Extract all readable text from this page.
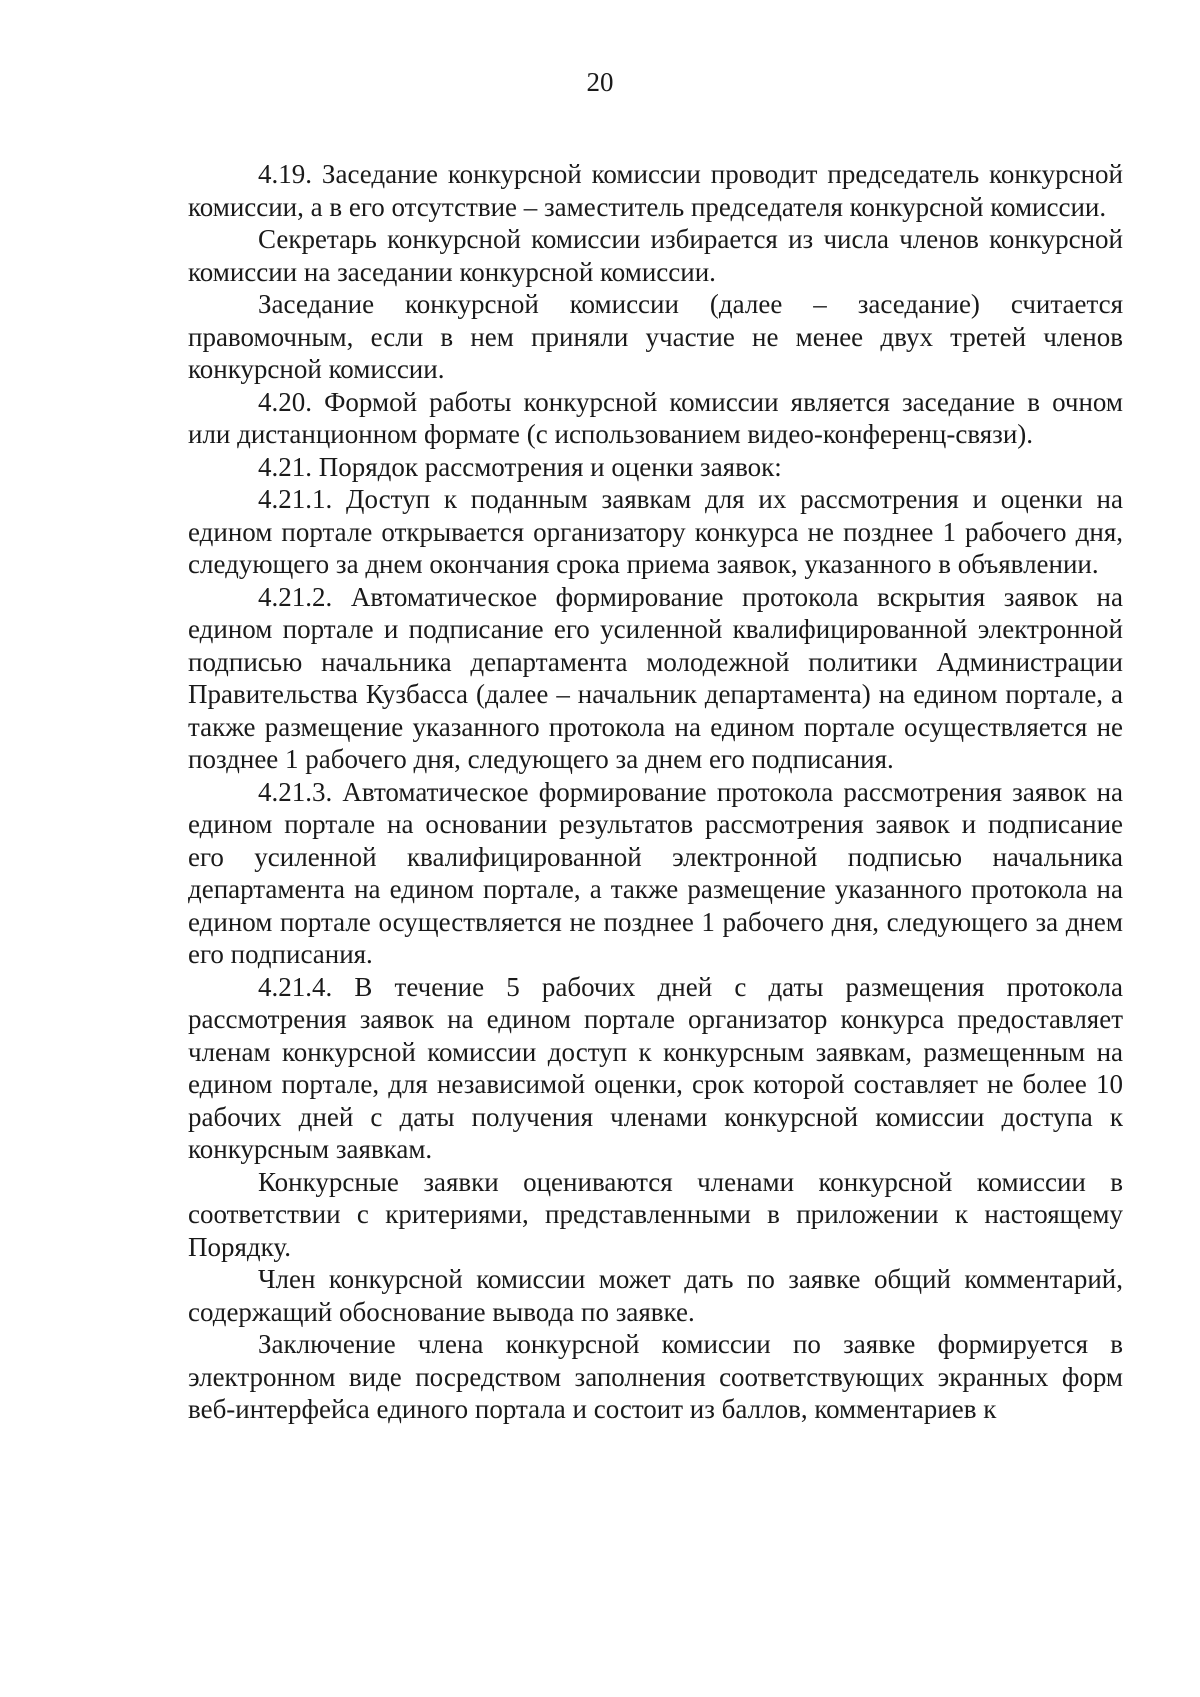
20

4.19. Заседание конкурсной комиссии проводит председатель конкурсной комиссии, а в его отсутствие – заместитель председателя конкурсной комиссии.

Секретарь конкурсной комиссии избирается из числа членов конкурсной комиссии на заседании конкурсной комиссии.

Заседание конкурсной комиссии (далее – заседание) считается правомочным, если в нем приняли участие не менее двух третей членов конкурсной комиссии.

4.20. Формой работы конкурсной комиссии является заседание в очном или дистанционном формате (с использованием видео-конференц-связи).

4.21. Порядок рассмотрения и оценки заявок:

4.21.1. Доступ к поданным заявкам для их рассмотрения и оценки на едином портале открывается организатору конкурса не позднее 1 рабочего дня, следующего за днем окончания срока приема заявок, указанного в объявлении.

4.21.2. Автоматическое формирование протокола вскрытия заявок на едином портале и подписание его усиленной квалифицированной электронной подписью начальника департамента молодежной политики Администрации Правительства Кузбасса (далее – начальник департамента) на едином портале, а также размещение указанного протокола на едином портале осуществляется не позднее 1 рабочего дня, следующего за днем его подписания.

4.21.3. Автоматическое формирование протокола рассмотрения заявок на едином портале на основании результатов рассмотрения заявок и подписание его усиленной квалифицированной электронной подписью начальника департамента на едином портале, а также размещение указанного протокола на едином портале осуществляется не позднее 1 рабочего дня, следующего за днем его подписания.

4.21.4. В течение 5 рабочих дней с даты размещения протокола рассмотрения заявок на едином портале организатор конкурса предоставляет членам конкурсной комиссии доступ к конкурсным заявкам, размещенным на едином портале, для независимой оценки, срок которой составляет не более 10 рабочих дней с даты получения членами конкурсной комиссии доступа к конкурсным заявкам.

Конкурсные заявки оцениваются членами конкурсной комиссии в соответствии с критериями, представленными в приложении к настоящему Порядку.

Член конкурсной комиссии может дать по заявке общий комментарий, содержащий обоснование вывода по заявке.

Заключение члена конкурсной комиссии по заявке формируется в электронном виде посредством заполнения соответствующих экранных форм веб-интерфейса единого портала и состоит из баллов, комментариев к
